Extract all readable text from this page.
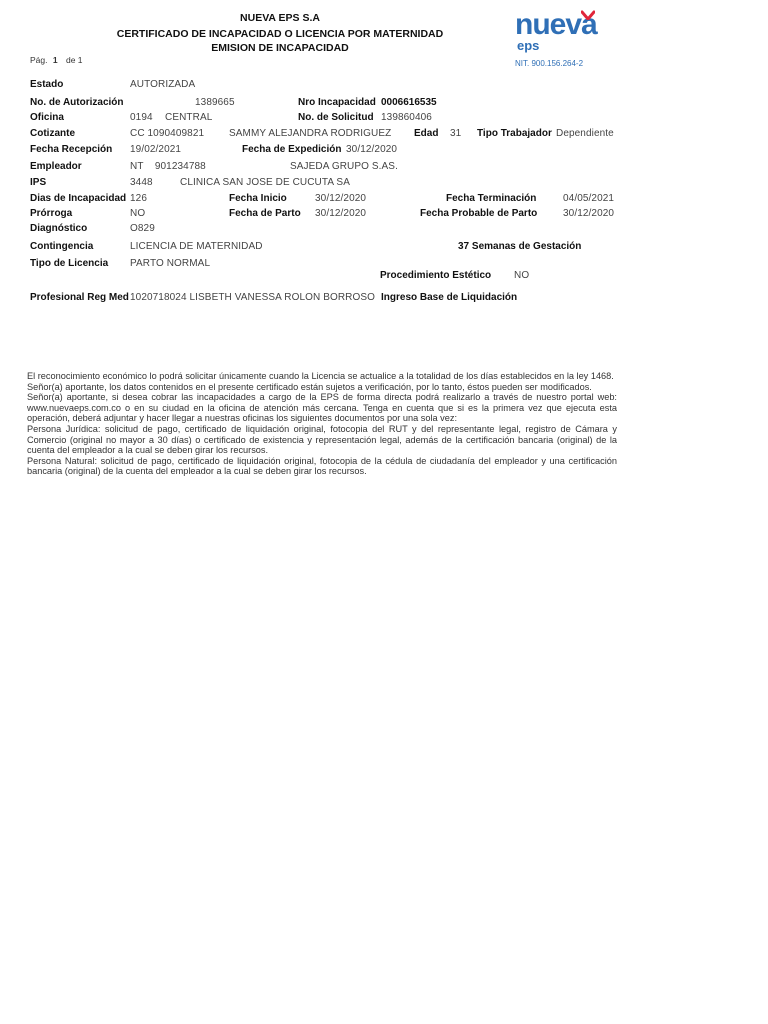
NUEVA EPS S.A
CERTIFICADO DE INCAPACIDAD O LICENCIA POR MATERNIDAD
EMISION DE INCAPACIDAD
Pág. 1 de 1
nueva
eps
NIT. 900.156.264-2
Estado	AUTORIZADA
No. de Autorización	1389665	Nro Incapacidad 0006616535
Oficina	0194 CENTRAL	No. de Solicitud 139860406
Cotizante	CC 1090409821 SAMMY ALEJANDRA RODRIGUEZ Edad 31 Tipo Trabajador Dependiente
Fecha Recepción 19/02/2021	Fecha de Expedición 30/12/2020
Empleador	NT    901234788	SAJEDA GRUPO S.AS.
IPS	3448	CLINICA SAN JOSE DE CUCUTA SA
Dias de Incapacidad 126	Fecha Inicio	30/12/2020	Fecha Terminación	04/05/2021
Prórroga	NO	Fecha de Parto 30/12/2020	Fecha Probable de Parto	30/12/2020
Diagnóstico	O829
Contingencia	LICENCIA DE MATERNIDAD	37 Semanas de Gestación
Tipo de Licencia PARTO NORMAL
Procedimiento Estético NO
Profesional Reg Med 1020718024 LISBETH VANESSA ROLON BORROSO Ingreso Base de Liquidación

El reconocimiento económico lo podrá solicitar únicamente cuando la Licencia se actualice a la totalidad de los días establecidos en la ley 1468.

Señor(a) aportante, los datos contenidos en el presente certificado están sujetos a verificación, por lo tanto, éstos pueden ser modificados.

Señor(a) aportante, si desea cobrar las incapacidades a cargo de la EPS de forma directa podrá realizarlo a través de nuestro portal web: www.nuevaeps.com.co o en su ciudad en la oficina de atención más cercana. Tenga en cuenta que si es la primera vez que ejecuta esta operación, deberá adjuntar y hacer llegar a nuestras oficinas los siguientes documentos por una sola vez:

Persona Jurídica: solicitud de pago, certificado de liquidación original, fotocopia del RUT y del representante legal, registro de Cámara y Comercio (original no mayor a 30 días) o certificado de existencia y representación legal, además de la certificación bancaria (original) de la cuenta del empleador a la cual se deben girar los recursos.

Persona Natural: solicitud de pago, certificado de liquidación original, fotocopia de la cédula de ciudadanía del empleador y una certificación bancaria (original) de la cuenta del empleador a la cual se deben girar los recursos.
